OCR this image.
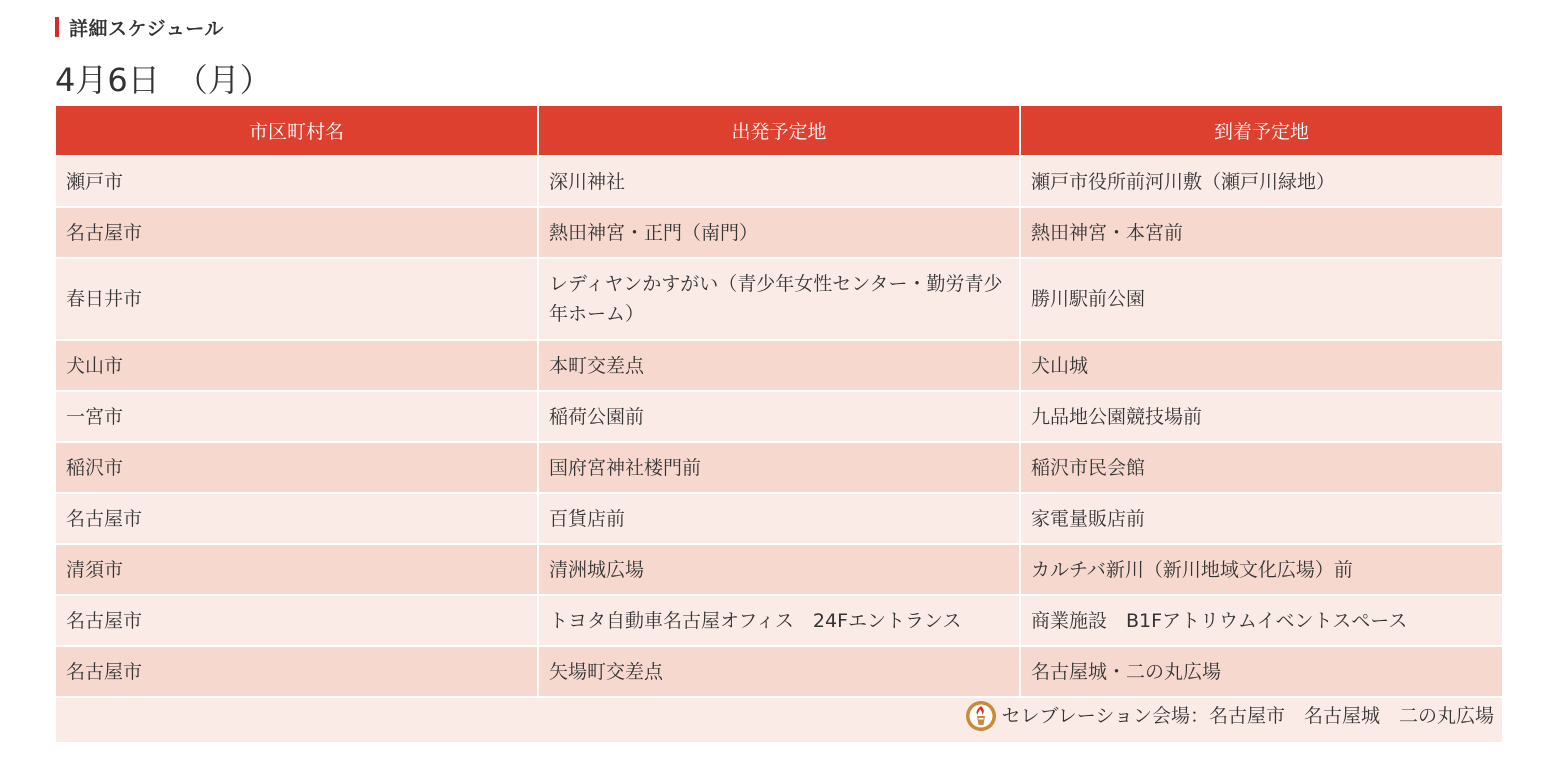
詳細スケジュール
4月6日　（月）
市区町村名	出発予定地	到着予定地
瀬戸市	深川神社	瀬戸市役所前河川敷（瀬戸川緑地）
名古屋市	熱田神宮・正門（南門）	熱田神宮・本宮前
春日井市	レディヤンかすがい（青少年女性センター・勤労青少年ホーム）	勝川駅前公園
犬山市	本町交差点	犬山城
一宮市	稲荷公園前	九品地公園競技場前
稲沢市	国府宮神社楼門前	稲沢市民会館
名古屋市	百貨店前	家電量販店前
清須市	清洲城広場	カルチバ新川（新川地域文化広場）前
名古屋市	トヨタ自動車名古屋オフィス　24Fエントランス	商業施設　B1Fアトリウムイベントスペース
名古屋市	矢場町交差点	名古屋城・二の丸広場

セレブレーション会場：名古屋市　名古屋城　二の丸広場		
